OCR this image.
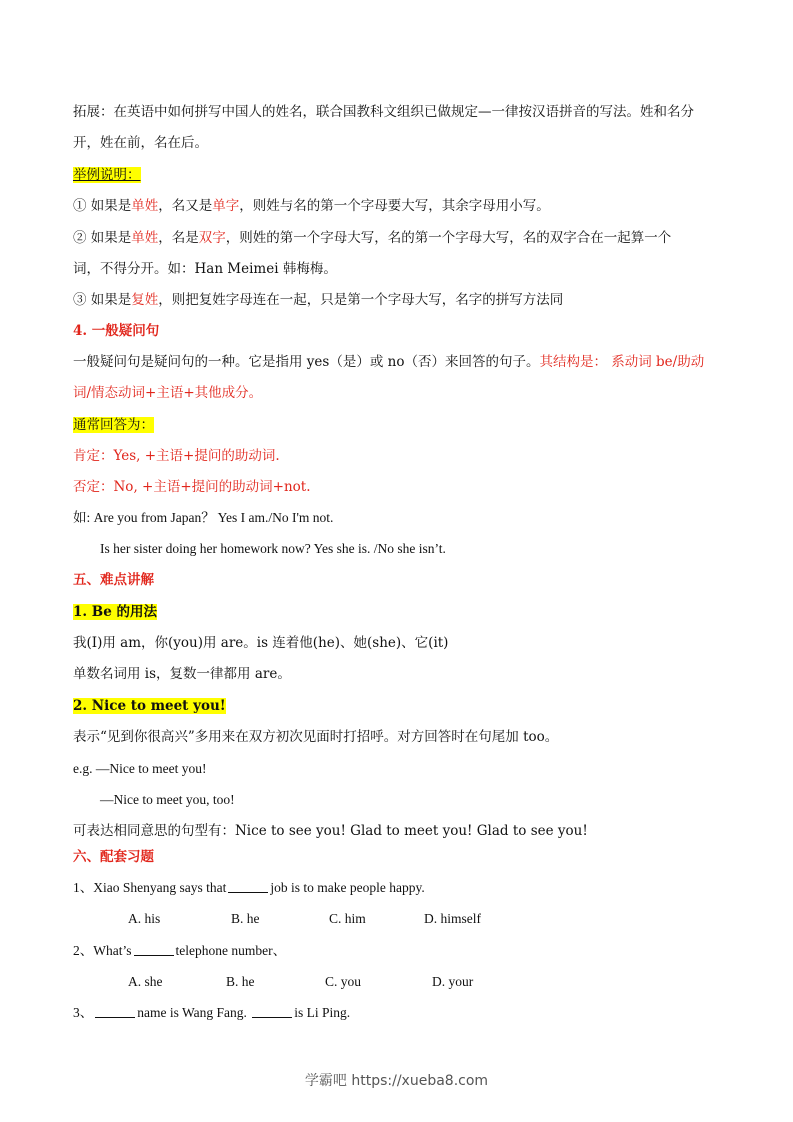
拓展：在英语中如何拼写中国人的姓名，联合国教科文组织已做规定—一律按汉语拼音的写法。姓和名分
开，姓在前，名在后。
举例说明：
① 如果是单姓，名又是单字，则姓与名的第一个字母要大写，其余字母用小写。
② 如果是单姓，名是双字，则姓的第一个字母大写，名的第一个字母大写，名的双字合在一起算一个
词，不得分开。如：Han Meimei 韩梅梅。
③ 如果是复姓，则把复姓字母连在一起，只是第一个字母大写，名字的拼写方法同
4. 一般疑问句
一般疑问句是疑问句的一种。它是指用 yes（是）或 no（否）来回答的句子。其结构是： 系动词 be/助动
词/情态动词+主语+其他成分。
通常回答为：
肯定：Yes, +主语+提问的助动词.
否定：No, +主语+提问的助动词+not.
如: Are you from Japan？ Yes I am./No I'm not.
Is her sister doing her homework now? Yes she is. /No she isn’t.
五、难点讲解
1. Be 的用法
我(I)用 am，你(you)用 are。is 连着他(he)、她(she)、它(it)
单数名词用 is，复数一律都用 are。
2. Nice to meet you!
表示“见到你很高兴”多用来在双方初次见面时打招呼。对方回答时在句尾加 too。
e.g. —Nice to meet you!
—Nice to meet you, too!
可表达相同意思的句型有：Nice to see you! Glad to meet you! Glad to see you!
六、配套习题
1、Xiao Shenyang says that	job is to make people happy.
A. his	B. he	C. him	D. himself
2、What’s	telephone number、
A. she	B. he	C. you	D. your
3、	name is Wang Fang.	is Li Ping.
学霸吧 https://xueba8.com
